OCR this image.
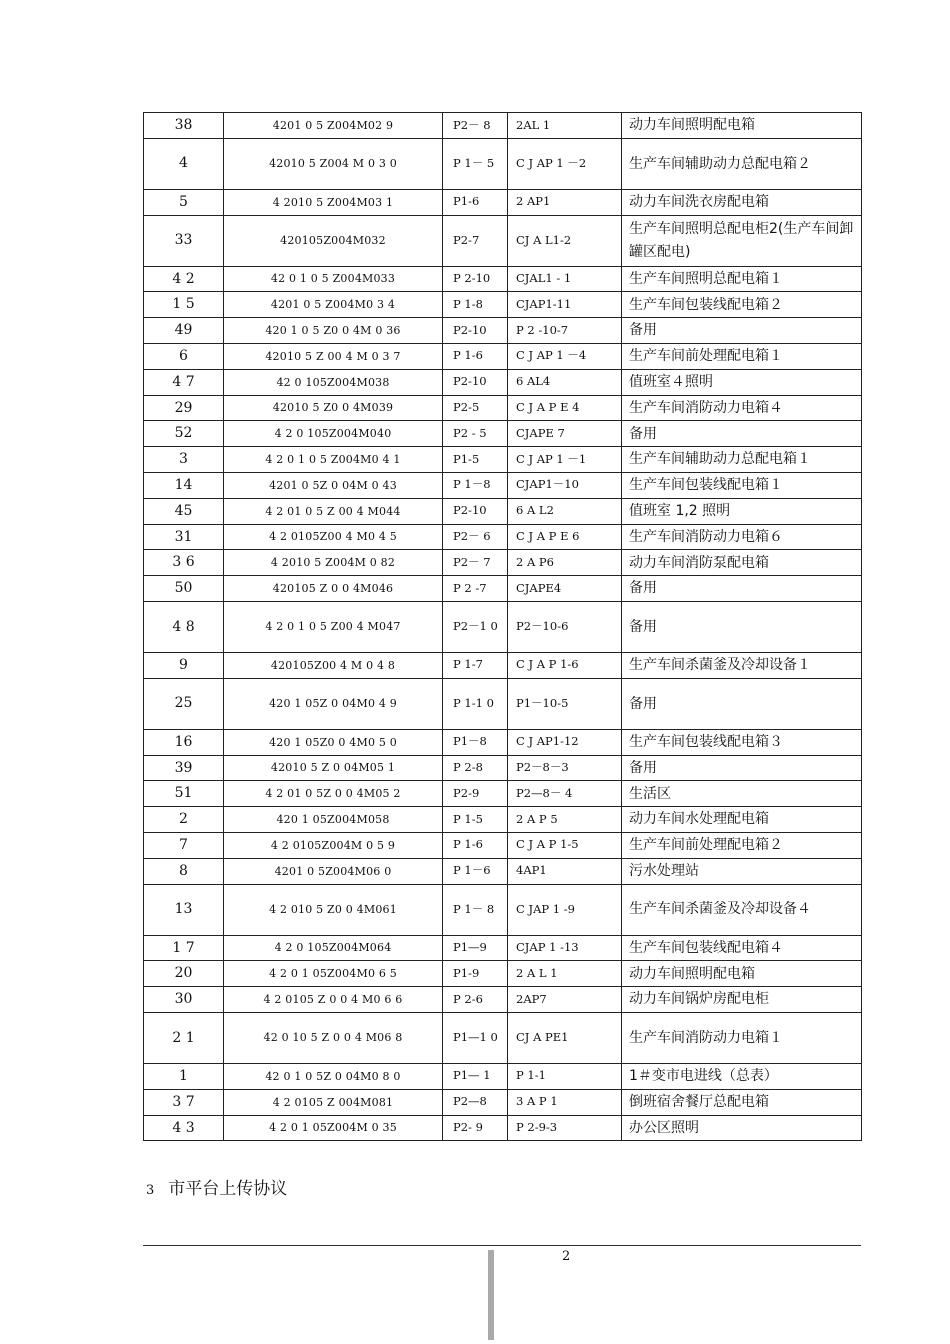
38	4201 0 5 Z004M02 9	P2－ 8	2AL 1	动力车间照明配电箱
4	42010 5 Z004 M 0 3 0	P 1－ 5	C J AP 1 －2	生产车间辅助动力总配电箱２
5	4 2010 5 Z004M03 1	P1-6	2 AP1	动力车间洗衣房配电箱
33	420105Z004M032	P2-7	CJ A L1-2	生产车间照明总配电柜2(生产车间卸罐区配电)
4 2	42 0 1 0 5 Z004M033	P 2-10	CJAL1 - 1	生产车间照明总配电箱１
1 5	4201 0 5 Z004M0 3 4	P 1-8	CJAP1-11	生产车间包装线配电箱２
49	420 1 0 5 Z0 0 4M 0 36	P2-10	P 2 -10-7	备用
6	42010 5 Z 00 4 M 0 3 7	P 1-6	C J AP 1 －4	生产车间前处理配电箱１
4 7	42 0 105Z004M038	P2-10	6 AL4	值班室４照明
29	42010 5 Z0 0 4M039	P2-5	C J A P E 4	生产车间消防动力电箱４
52	4 2 0 105Z004M040	P2 - 5	CJAPE 7	备用
3	4 2 0 1 0 5 Z004M0 4 1	P1-5	C J AP 1 －1	生产车间辅助动力总配电箱１
14	4201 0 5Z 0 04M 0 43	P 1－8	CJAP1－10	生产车间包装线配电箱１
45	4 2 01 0 5 Z 00 4 M044	P2-10	6 A L2	值班室 1,2 照明
31	4 2 0105Z00 4 M0 4 5	P2－ 6	C J A P E 6	生产车间消防动力电箱６
3 6	4 2010 5 Z004M 0 82	P2－ 7	2 A P6	动力车间消防泵配电箱
50	420105 Z 0 0 4M046	P 2 -7	CJAPE4	备用
4 8	4 2 0 1 0 5 Z00 4 M047	P2－1 0	P2－10-6	备用
9	420105Z00 4 M 0 4 8	P 1-7	C J A P 1-6	生产车间杀菌釜及冷却设备１
25	420 1 05Z 0 04M0 4 9	P 1-1 0	P1－10-5	备用
16	420 1 05Z0 0 4M0 5 0	P1－8	C J AP1-12	生产车间包装线配电箱３
39	42010 5 Z 0 04M05 1	P 2-8	P2－8－3	备用
51	4 2 01 0 5Z 0 0 4M05 2	P2-9	P2—8－ 4	生活区
2	420 1 05Z004M058	P 1-5	2 A P 5	动力车间水处理配电箱
7	4 2 0105Z004M 0 5 9	P 1-6	C J A P 1-5	生产车间前处理配电箱２
8	4201 0 5Z004M06 0	P 1－6	4AP1	污水处理站
13	4 2 010 5 Z0 0 4M061	P 1－ 8	C JAP 1 -9	生产车间杀菌釜及冷却设备４
1 7	4 2 0 105Z004M064	P1—9	CJAP 1 -13	生产车间包装线配电箱４
20	4 2 0 1 05Z004M0 6 5	P1-9	2 A L 1	动力车间照明配电箱
30	4 2 0105 Z 0 0 4 M0 6 6	P 2-6	2AP7	动力车间锅炉房配电柜
2 1	42 0 10 5 Z 0 0 4 M06 8	P1—1 0	CJ A PE1	生产车间消防动力电箱１
1	42 0 1 0 5Z 0 04M0 8 0	P1— 1	P 1-1	1＃变市电进线（总表）
3 7	4 2 0105 Z 004M081	P2—8	3 A P 1	倒班宿舍餐厅总配电箱
4 3	4 2 0 1 05Z004M 0 35	P2- 9	P 2-9-3	办公区照明
3 市平台上传协议
2
